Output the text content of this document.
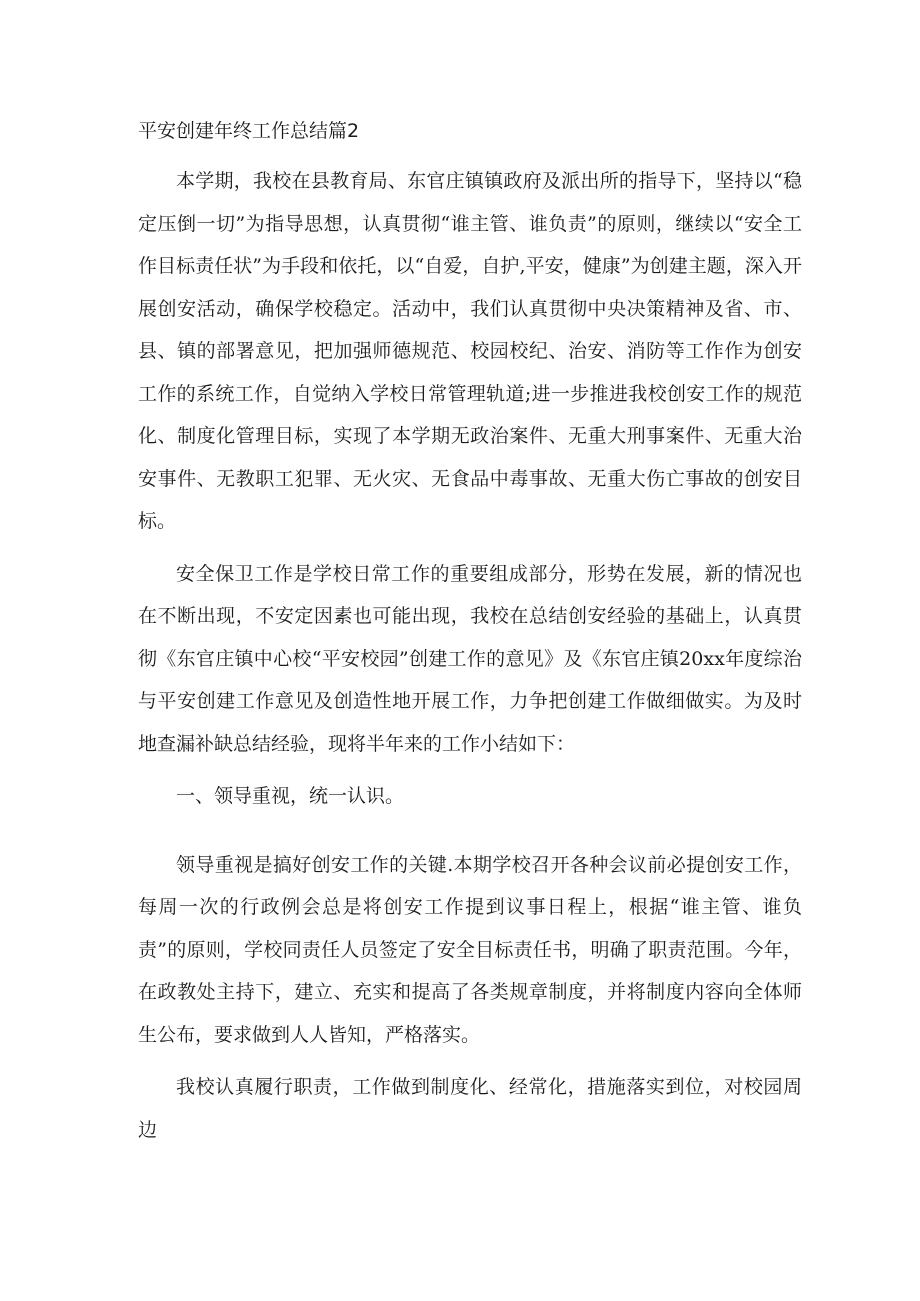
平安创建年终工作总结篇2

本学期，我校在县教育局、东官庄镇镇政府及派出所的指导下，坚持以“稳定压倒一切”为指导思想，认真贯彻“谁主管、谁负责”的原则，继续以“安全工作目标责任状”为手段和依托，以“自爱，自护,平安，健康”为创建主题，深入开展创安活动，确保学校稳定。活动中，我们认真贯彻中央决策精神及省、市、县、镇的部署意见，把加强师德规范、校园校纪、治安、消防等工作作为创安工作的系统工作，自觉纳入学校日常管理轨道;进一步推进我校创安工作的规范化、制度化管理目标，实现了本学期无政治案件、无重大刑事案件、无重大治安事件、无教职工犯罪、无火灾、无食品中毒事故、无重大伤亡事故的创安目标。

安全保卫工作是学校日常工作的重要组成部分，形势在发展，新的情况也在不断出现，不安定因素也可能出现，我校在总结创安经验的基础上，认真贯彻《东官庄镇中心校“平安校园”创建工作的意见》及《东官庄镇20xx年度综治与平安创建工作意见及创造性地开展工作，力争把创建工作做细做实。为及时地查漏补缺总结经验，现将半年来的工作小结如下：

一、领导重视，统一认识。

领导重视是搞好创安工作的关键.本期学校召开各种会议前必提创安工作，每周一次的行政例会总是将创安工作提到议事日程上，根据“谁主管、谁负责”的原则，学校同责任人员签定了安全目标责任书，明确了职责范围。今年，在政教处主持下，建立、充实和提高了各类规章制度，并将制度内容向全体师生公布，要求做到人人皆知，严格落实。

我校认真履行职责，工作做到制度化、经常化，措施落实到位，对校园周边
